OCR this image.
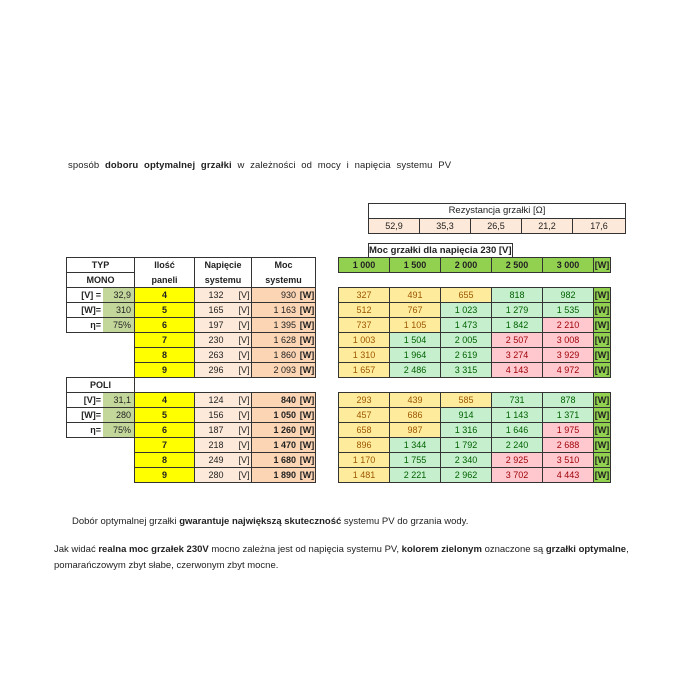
sposób doboru optymalnej grzałki w zależności od mocy i napięcia systemu PV
Rezystancja grzałki [Ω]
52,9	35,3	26,5	21,2	17,6
Moc grzałki dla napięcia 230 [V]	
TYP		Ilość	Napięcie		Moc			1 000	1 500	2 000	2 500	3 000	[W]
MONO		paneli	systemu		systemu								
[V] =	32,9	4	132	[V]	930	[W]		327	491	655	818	982	[W]
[W]=	310	5	165	[V]	1 163	[W]		512	767	1 023	1 279	1 535	[W]
η=	75%	6	197	[V]	1 395	[W]		737	1 105	1 473	1 842	2 210	[W]
		7	230	[V]	1 628	[W]		1 003	1 504	2 005	2 507	3 008	[W]
		8	263	[V]	1 860	[W]		1 310	1 964	2 619	3 274	3 929	[W]
		9	296	[V]	2 093	[W]		1 657	2 486	3 315	4 143	4 972	[W]
POLI													
[V]=	31,1	4	124	[V]	840	[W]		293	439	585	731	878	[W]
[W]=	280	5	156	[V]	1 050	[W]		457	686	914	1 143	1 371	[W]
η=	75%	6	187	[V]	1 260	[W]		658	987	1 316	1 646	1 975	[W]
		7	218	[V]	1 470	[W]		896	1 344	1 792	2 240	2 688	[W]
		8	249	[V]	1 680	[W]		1 170	1 755	2 340	2 925	3 510	[W]
		9	280	[V]	1 890	[W]		1 481	2 221	2 962	3 702	4 443	[W]
Dobór optymalnej grzałki gwarantuje największą skuteczność systemu PV do grzania wody.
Jak widać realna moc grzałek 230V mocno zależna jest od napięcia systemu PV, kolorem zielonym oznaczone są grzałki optymalne, pomarańczowym zbyt słabe, czerwonym zbyt mocne.
